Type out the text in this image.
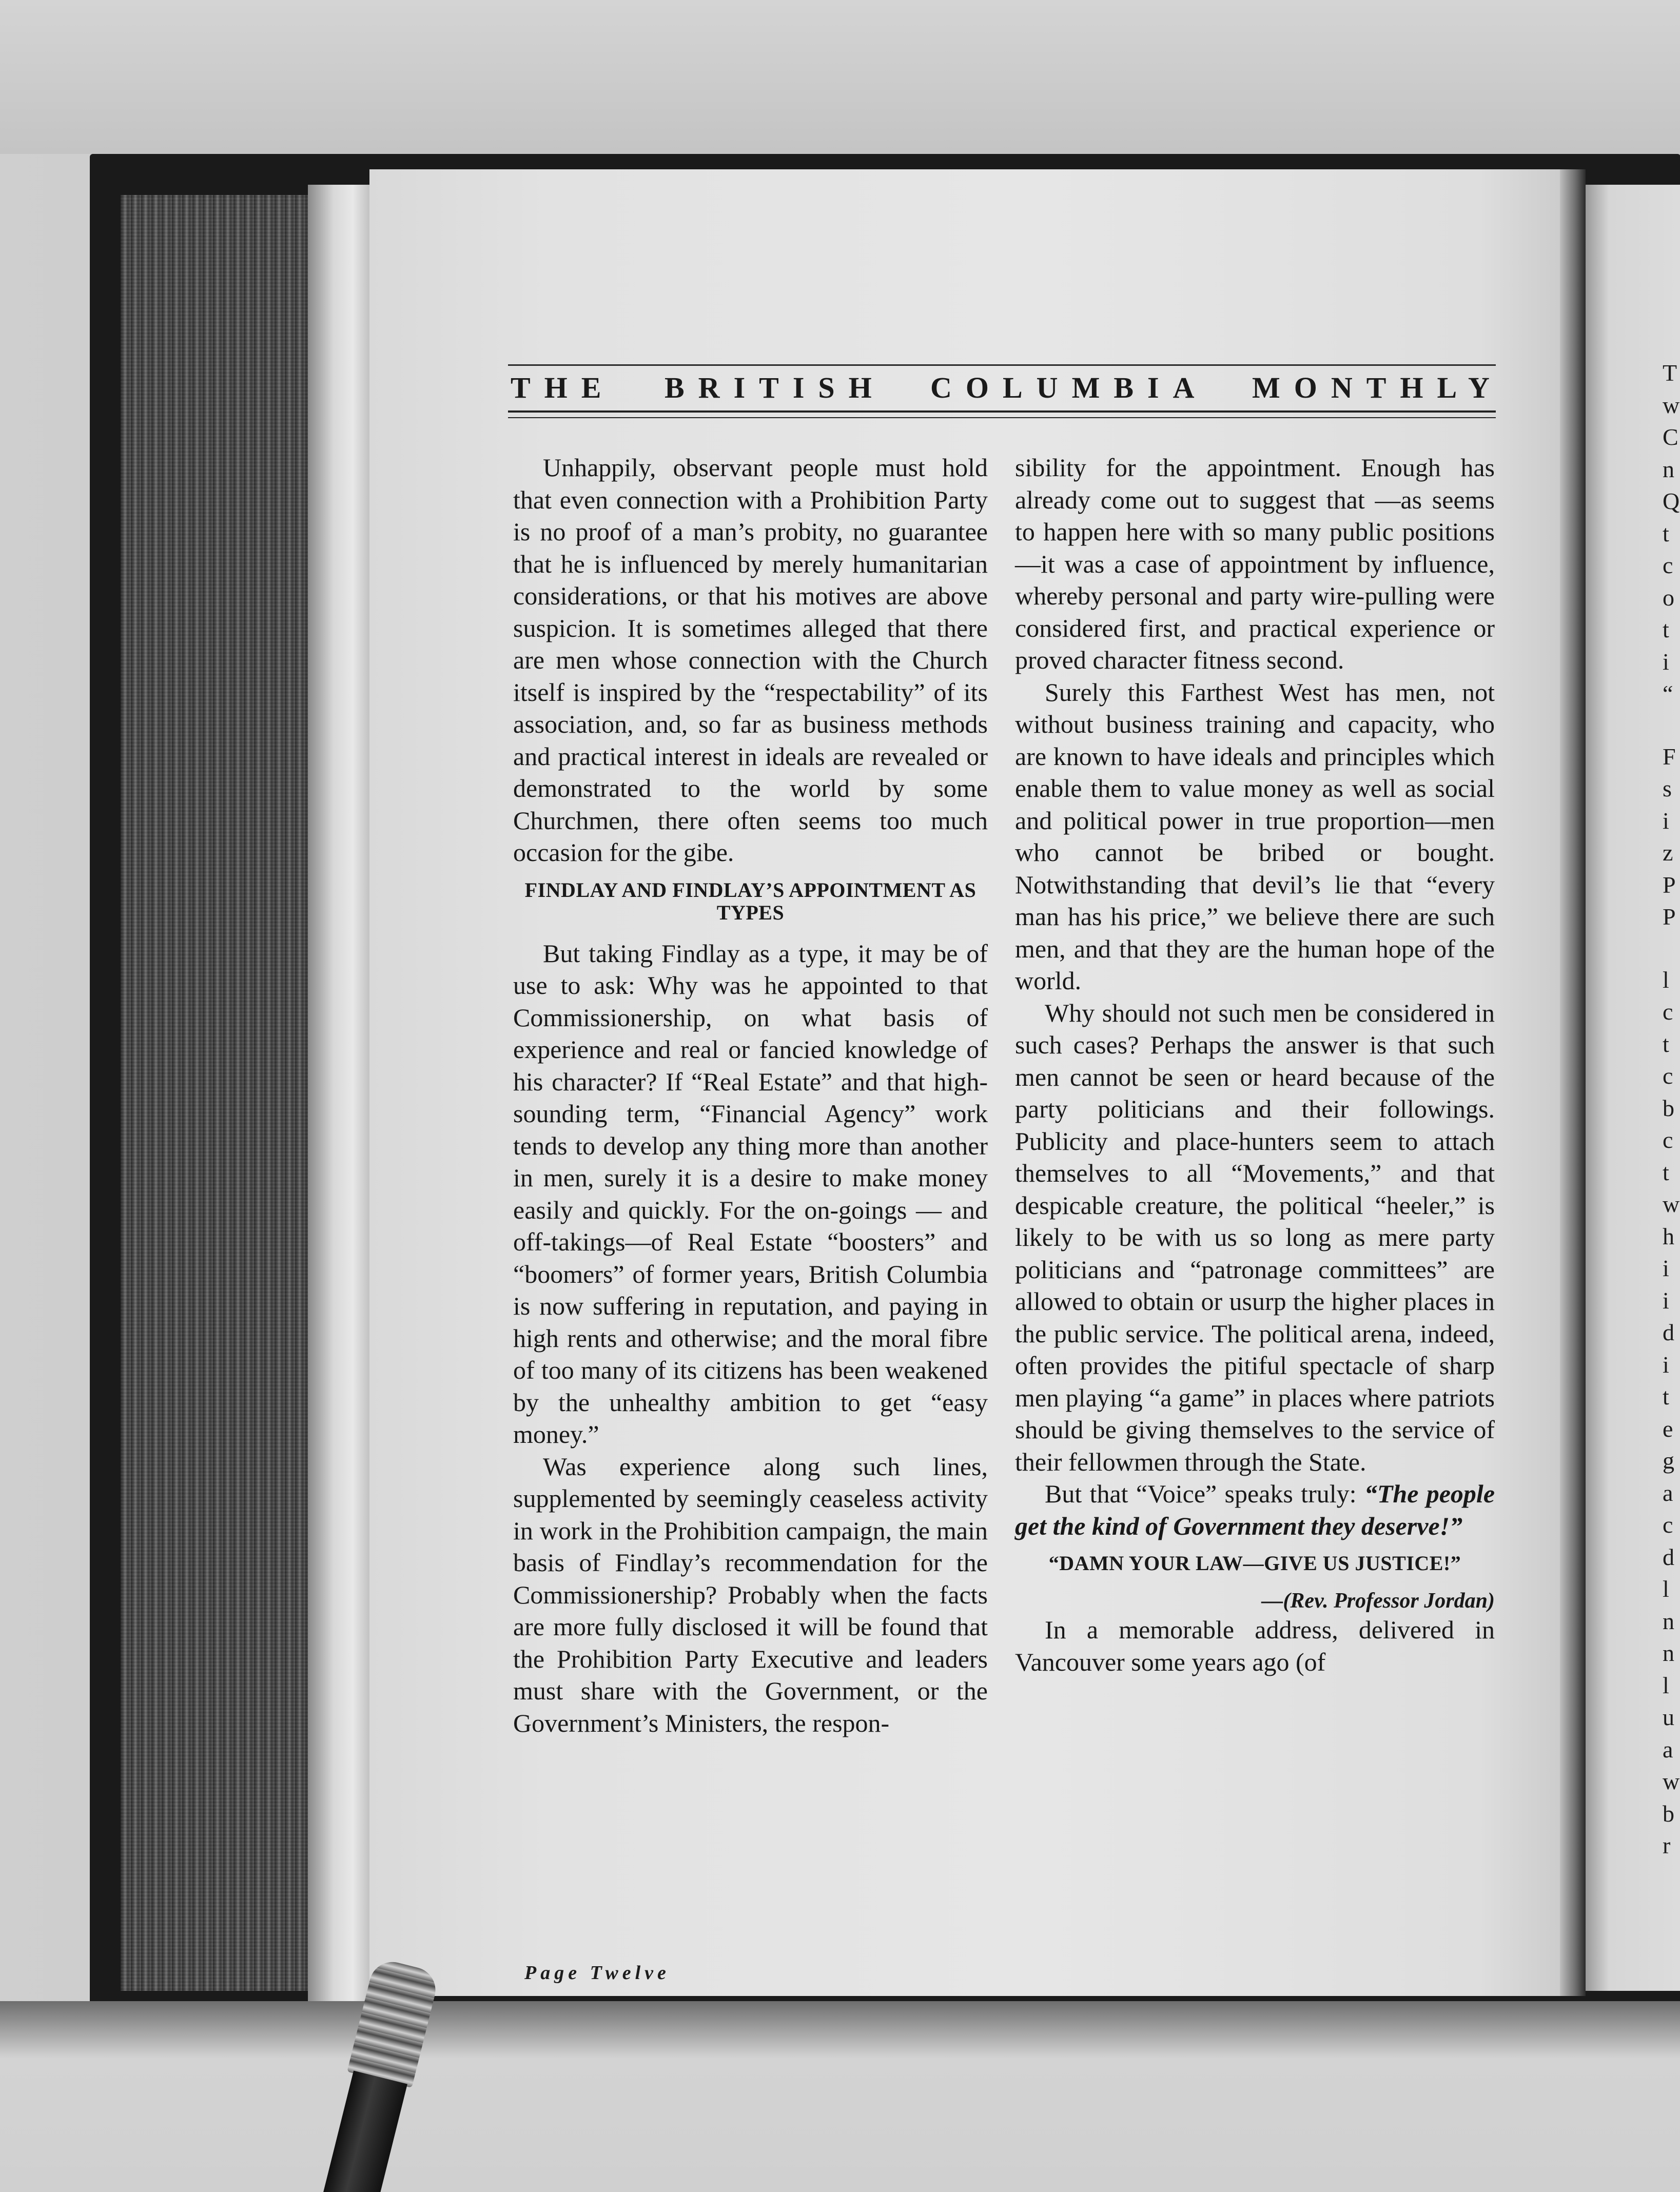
T
w
C
n
Q
t
c
o
t
i
“
F
s
i
z
P
P
l
c
t
c
b
c
t
w
h
i
i
d
i
t
e
g
a
c
d
l
n
n
l
u
a
w
b
r
THE BRITISH COLUMBIA MONTHLY

Unhappily, observant people must hold that even connection with a Prohibition Party is no proof of a man’s probity, no guarantee that he is influenced by merely humanitarian considerations, or that his motives are above suspicion. It is sometimes alleged that there are men whose connection with the Church itself is inspired by the “respectability” of its association, and, so far as business methods and practical interest in ideals are revealed or demonstrated to the world by some Churchmen, there often seems too much occasion for the gibe.

FINDLAY AND FINDLAY’S APPOINTMENT AS TYPES

But taking Findlay as a type, it may be of use to ask: Why was he appointed to that Commissionership, on what basis of experience and real or fancied knowledge of his character? If “Real Estate” and that high-sounding term, “Financial Agency” work tends to develop any thing more than another in men, surely it is a desire to make money easily and quickly. For the on-goings — and off-takings—of Real Estate “boosters” and “boomers” of former years, British Columbia is now suffering in reputation, and paying in high rents and otherwise; and the moral fibre of too many of its citizens has been weakened by the unhealthy ambition to get “easy money.”

Was experience along such lines, supplemented by seemingly ceaseless activity in work in the Prohibition campaign, the main basis of Findlay’s recommendation for the Commissionership? Probably when the facts are more fully disclosed it will be found that the Prohibition Party Executive and leaders must share with the Government, or the Government’s Ministers, the respon-

sibility for the appointment. Enough has already come out to suggest that —as seems to happen here with so many public positions—it was a case of appointment by influence, whereby personal and party wire-pulling were considered first, and practical experience or proved character fitness second.

Surely this Farthest West has men, not without business training and capacity, who are known to have ideals and principles which enable them to value money as well as social and political power in true proportion—men who cannot be bribed or bought. Notwithstanding that devil’s lie that “every man has his price,” we believe there are such men, and that they are the human hope of the world.

Why should not such men be considered in such cases? Perhaps the answer is that such men cannot be seen or heard because of the party politicians and their followings. Publicity and place-hunters seem to attach themselves to all “Movements,” and that despicable creature, the political “heeler,” is likely to be with us so long as mere party politicians and “patronage committees” are allowed to obtain or usurp the higher places in the public service. The political arena, indeed, often provides the pitiful spectacle of sharp men playing “a game” in places where patriots should be giving themselves to the service of their fellowmen through the State.

But that “Voice” speaks truly: “The people get the kind of Government they deserve!”

“DAMN YOUR LAW—GIVE US JUSTICE!”
—(Rev. Professor Jordan)

In a memorable address, delivered in Vancouver some years ago (of

Page Twelve
